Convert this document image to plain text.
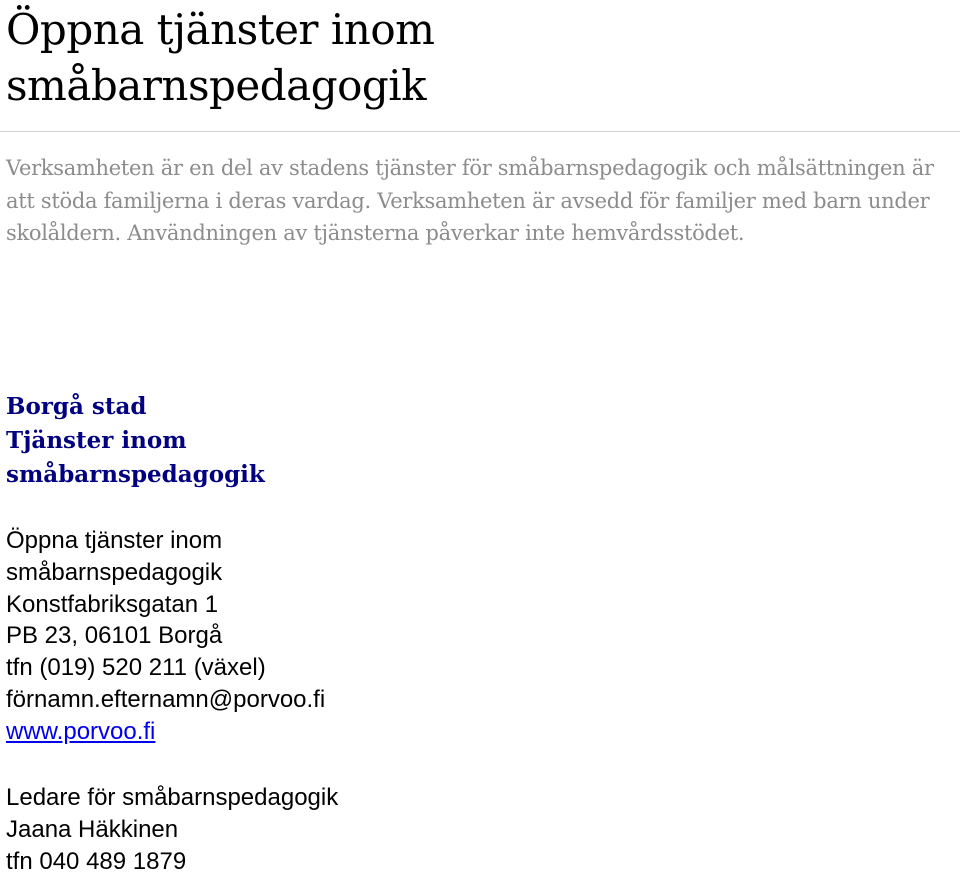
Öppna tjänster inom
småbarnspedagogik

Verksamheten är en del av stadens tjänster för småbarnspedagogik och målsättningen är att stöda familjerna i deras vardag. Verksamheten är avsedd för familjer med barn under skolåldern. Användningen av tjänsterna påverkar inte hemvårdsstödet.

Borgå stad
Tjänster inom
småbarnspedagogik
Öppna tjänster inom
småbarnspedagogik
Konstfabriksgatan 1
PB 23, 06101 Borgå
tfn (019) 520 211 (växel)
förnamn.efternamn@porvoo.fi
www.porvoo.fi
Ledare för småbarnspedagogik
Jaana Häkkinen
tfn 040 489 1879
